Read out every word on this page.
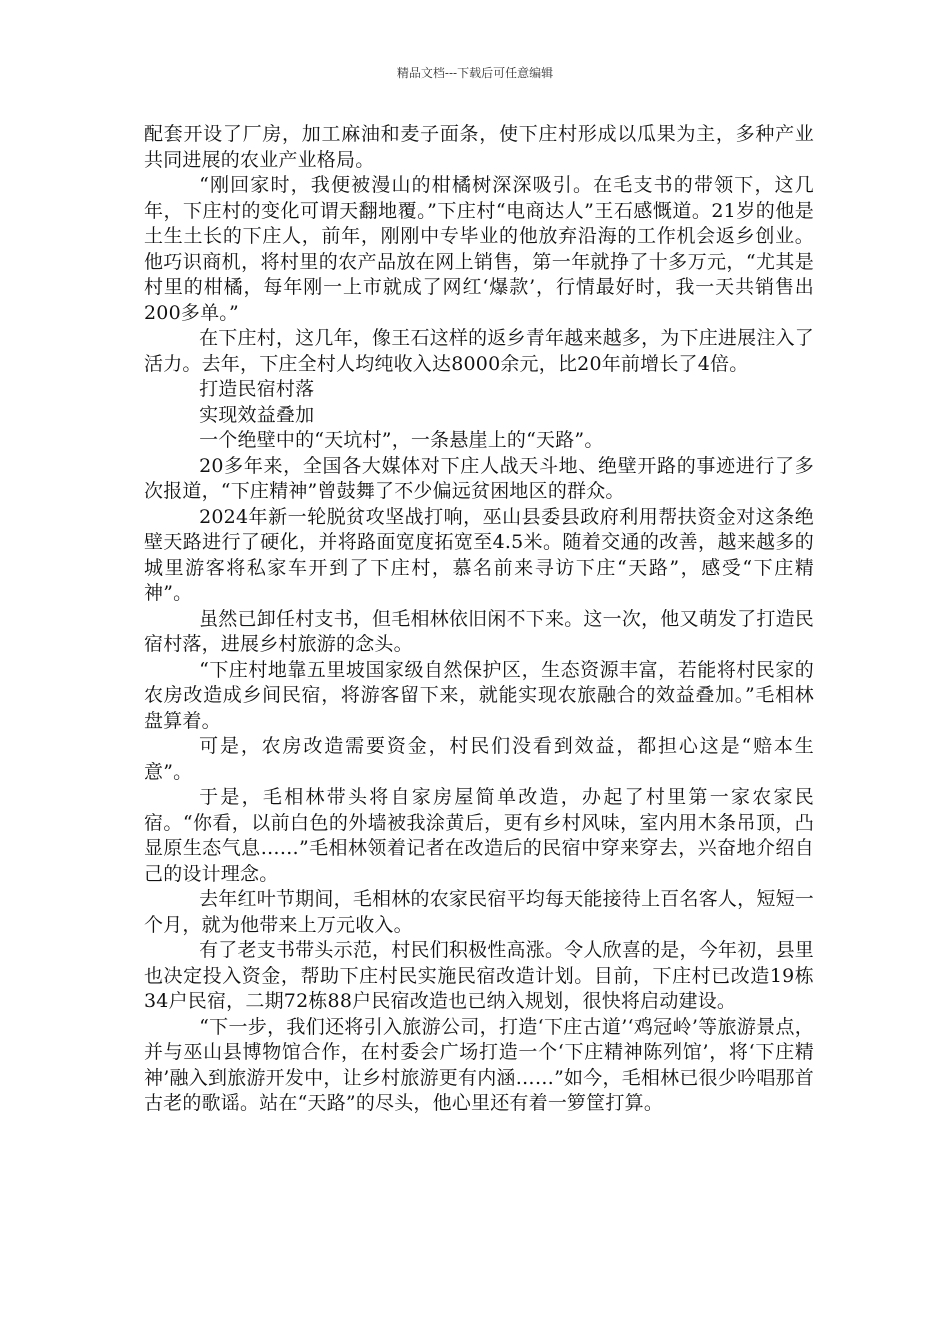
精品文档---下载后可任意编辑

配套开设了厂房，加工麻油和麦子面条，使下庄村形成以瓜果为主，多种产业共同进展的农业产业格局。

“刚回家时，我便被漫山的柑橘树深深吸引。在毛支书的带领下，这几年，下庄村的变化可谓天翻地覆。”下庄村“电商达人”王石感慨道。21岁的他是土生土长的下庄人，前年，刚刚中专毕业的他放弃沿海的工作机会返乡创业。他巧识商机，将村里的农产品放在网上销售，第一年就挣了十多万元，“尤其是村里的柑橘，每年刚一上市就成了网红‘爆款’，行情最好时，我一天共销售出200多单。”

在下庄村，这几年，像王石这样的返乡青年越来越多，为下庄进展注入了活力。去年，下庄全村人均纯收入达8000余元，比20年前增长了4倍。

打造民宿村落

实现效益叠加

一个绝壁中的“天坑村”，一条悬崖上的“天路”。

20多年来，全国各大媒体对下庄人战天斗地、绝壁开路的事迹进行了多次报道，“下庄精神”曾鼓舞了不少偏远贫困地区的群众。

2024年新一轮脱贫攻坚战打响，巫山县委县政府利用帮扶资金对这条绝壁天路进行了硬化，并将路面宽度拓宽至4.5米。随着交通的改善，越来越多的城里游客将私家车开到了下庄村，慕名前来寻访下庄“天路”，感受“下庄精神”。

虽然已卸任村支书，但毛相林依旧闲不下来。这一次，他又萌发了打造民宿村落，进展乡村旅游的念头。

“下庄村地靠五里坡国家级自然保护区，生态资源丰富，若能将村民家的农房改造成乡间民宿，将游客留下来，就能实现农旅融合的效益叠加。”毛相林盘算着。

可是，农房改造需要资金，村民们没看到效益，都担心这是“赔本生意”。

于是，毛相林带头将自家房屋简单改造，办起了村里第一家农家民宿。“你看，以前白色的外墙被我涂黄后，更有乡村风味，室内用木条吊顶，凸显原生态气息……”毛相林领着记者在改造后的民宿中穿来穿去，兴奋地介绍自己的设计理念。

去年红叶节期间，毛相林的农家民宿平均每天能接待上百名客人，短短一个月，就为他带来上万元收入。

有了老支书带头示范，村民们积极性高涨。令人欣喜的是，今年初，县里也决定投入资金，帮助下庄村民实施民宿改造计划。目前，下庄村已改造19栋34户民宿，二期72栋88户民宿改造也已纳入规划，很快将启动建设。

“下一步，我们还将引入旅游公司，打造‘下庄古道’‘鸡冠岭’等旅游景点，并与巫山县博物馆合作，在村委会广场打造一个‘下庄精神陈列馆’，将‘下庄精神’融入到旅游开发中，让乡村旅游更有内涵……”如今，毛相林已很少吟唱那首古老的歌谣。站在“天路”的尽头，他心里还有着一箩筐打算。
